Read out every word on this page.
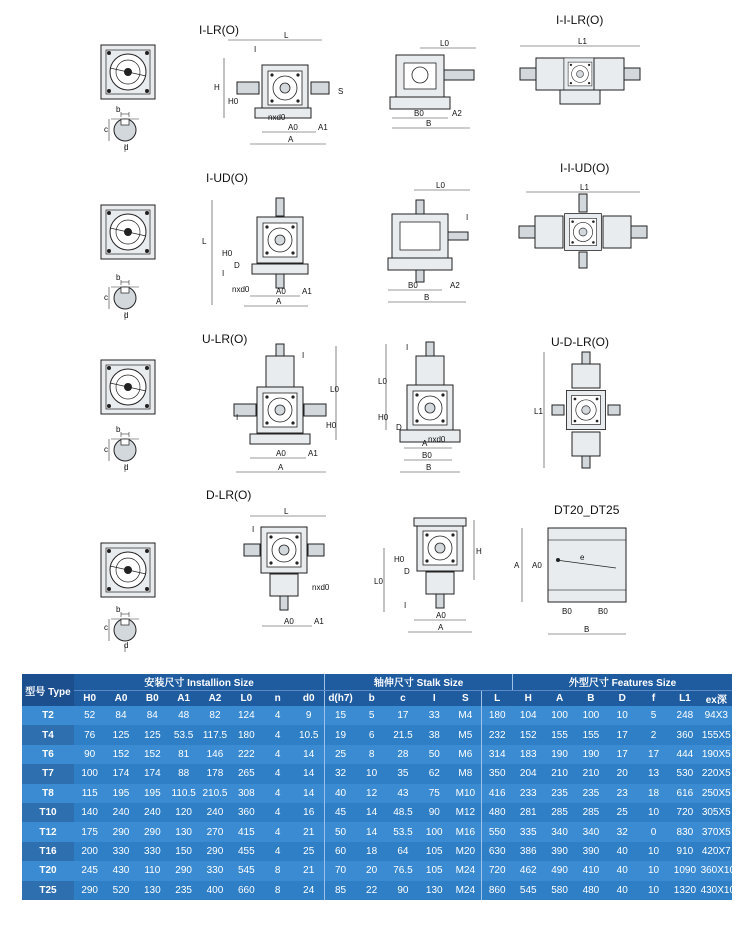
b
c
d
I-LR(O)	L
H
H0
S
I
nxd0
A0	A1
A
L0
B0	A2
B
I-I-LR(O)
L1
b
c
d
I-UD(O)
L
H0
D
I
nxd0	A0 A1
A
L0
I
B0	A2
B
I-I-UD(O)
L1
b
c
d
U-LR(O)
L0
H0
I
I
A0	A1
A
L0
H0
D
I
nxd0
A
B0
B
U-D-LR(O)
L1
b
c
d
D-LR(O)
L
I
nxd0
A0	A1
L0
H0
D
I
H
A0
A
DT20_DT25
e
A A0
B0	B0
B
型号 Type	安装尺寸 Installion Size								轴伸尺寸 Stalk Size						外型尺寸 Features Size						
	H0	A0	B0	A1	A2	L0	n	d0	d(h7)	b	c	I	S	L	H	A	B	D	f	L1	ex深
T2	52	84	84	48	82	124	4	9	15	5	17	33	M4	180	104	100	100	10	5	248	94X3
T4	76	125	125	53.5	117.5	180	4	10.5	19	6	21.5	38	M5	232	152	155	155	17	2	360	155X5
T6	90	152	152	81	146	222	4	14	25	8	28	50	M6	314	183	190	190	17	17	444	190X5
T7	100	174	174	88	178	265	4	14	32	10	35	62	M8	350	204	210	210	20	13	530	220X5
T8	115	195	195	110.5	210.5	308	4	14	40	12	43	75	M10	416	233	235	235	23	18	616	250X5
T10	140	240	240	120	240	360	4	16	45	14	48.5	90	M12	480	281	285	285	25	10	720	305X5
T12	175	290	290	130	270	415	4	21	50	14	53.5	100	M16	550	335	340	340	32	0	830	370X5
T16	200	330	330	150	290	455	4	25	60	18	64	105	M20	630	386	390	390	40	10	910	420X7
T20	245	430	110	290	330	545	8	21	70	20	76.5	105	M24	720	462	490	410	40	10	1090	360X10
T25	290	520	130	235	400	660	8	24	85	22	90	130	M24	860	545	580	480	40	10	1320	430X10
